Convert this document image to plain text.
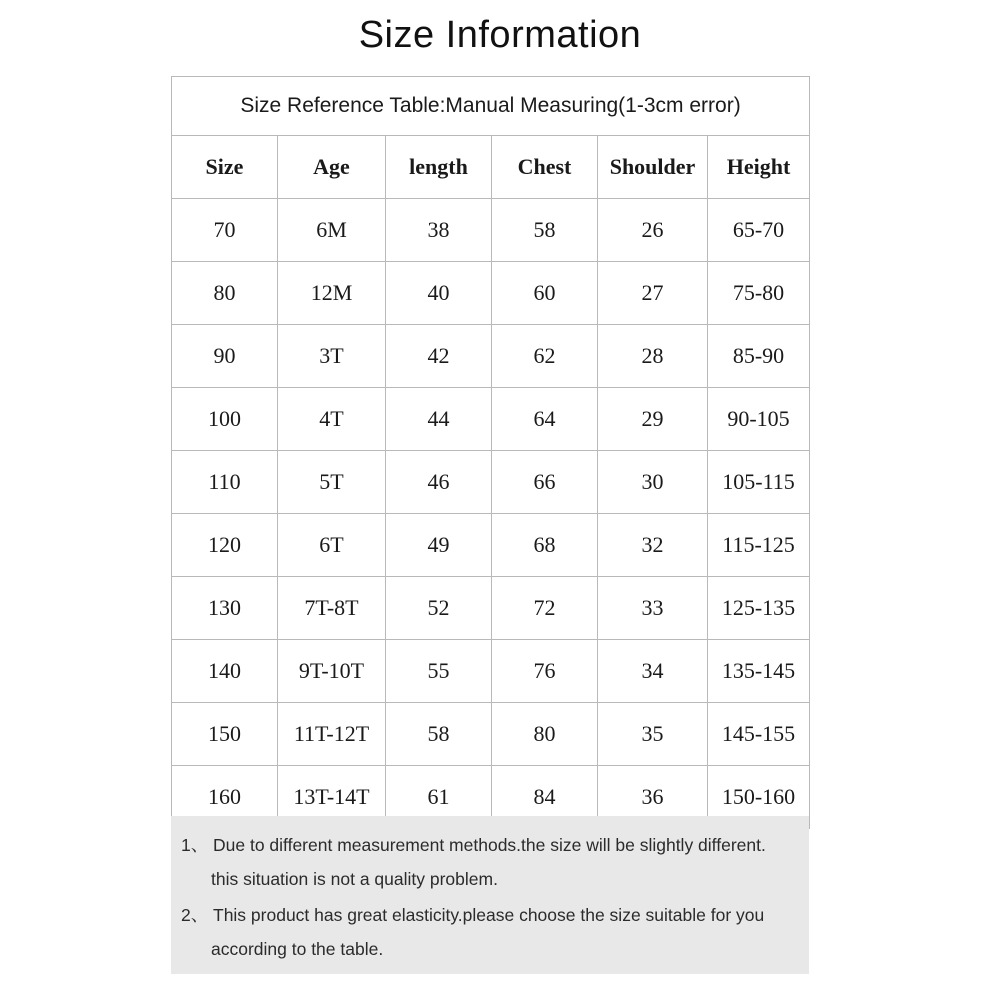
Size Information
Size Reference Table:Manual Measuring(1-3cm error)					
Size	Age	length	Chest	Shoulder	Height
70	6M	38	58	26	65-70
80	12M	40	60	27	75-80
90	3T	42	62	28	85-90
100	4T	44	64	29	90-105
110	5T	46	66	30	105-115
120	6T	49	68	32	115-125
130	7T-8T	52	72	33	125-135
140	9T-10T	55	76	34	135-145
150	11T-12T	58	80	35	145-155
160	13T-14T	61	84	36	150-160
1、 Due to different measurement methods.the size will be slightly different.
this situation is not a quality problem.
2、 This product has great elasticity.please choose the size suitable for you
according to the table.
